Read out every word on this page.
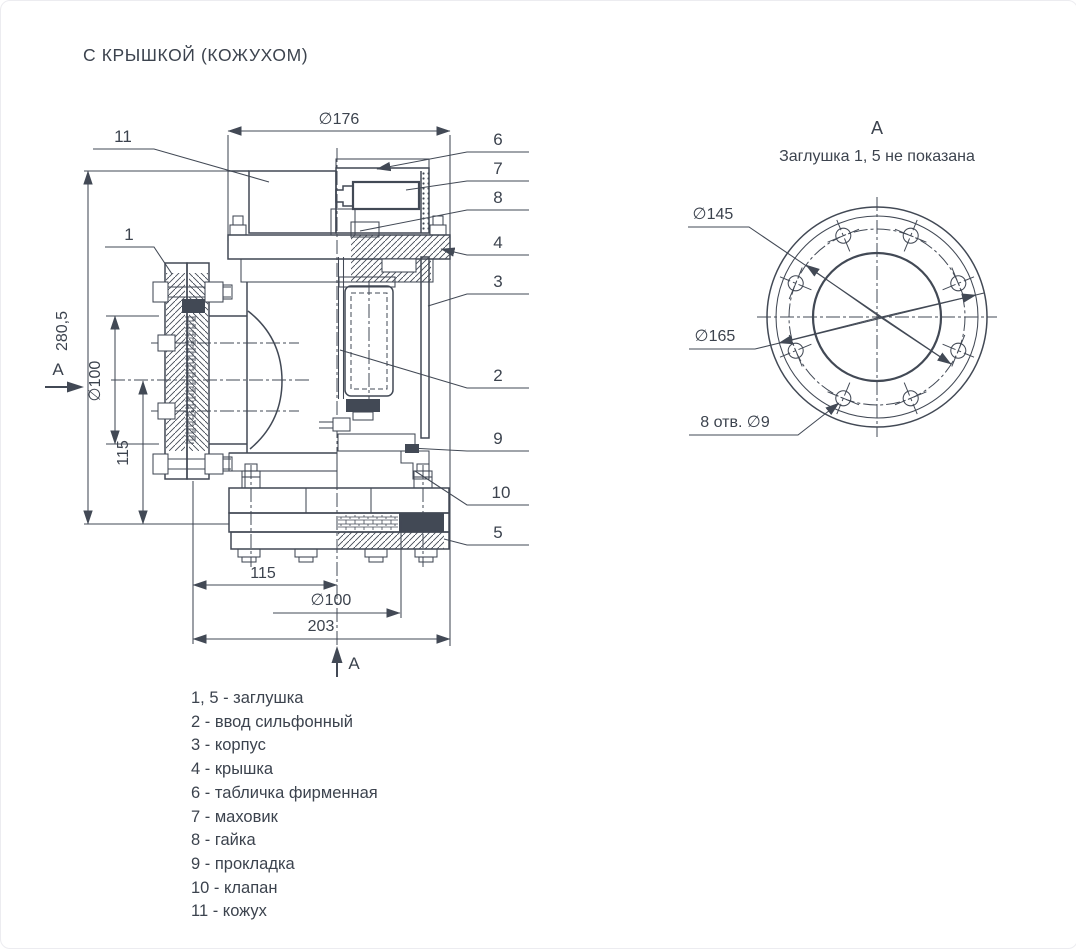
С КРЫШКОЙ (КОЖУХОМ)
∅176
280,5
∅100
115
115
∅100
203
А
А
11
1
6
7
8
4
3
2
9
10
5
А
Заглушка 1, 5 не показана
∅145
∅165
8 отв. ∅9
1, 5 - заглушка
2 - ввод сильфонный
3 - корпус
4 - крышка
6 - табличка фирменная
7 - маховик
8 - гайка
9 - прокладка
10 - клапан
11 - кожух
